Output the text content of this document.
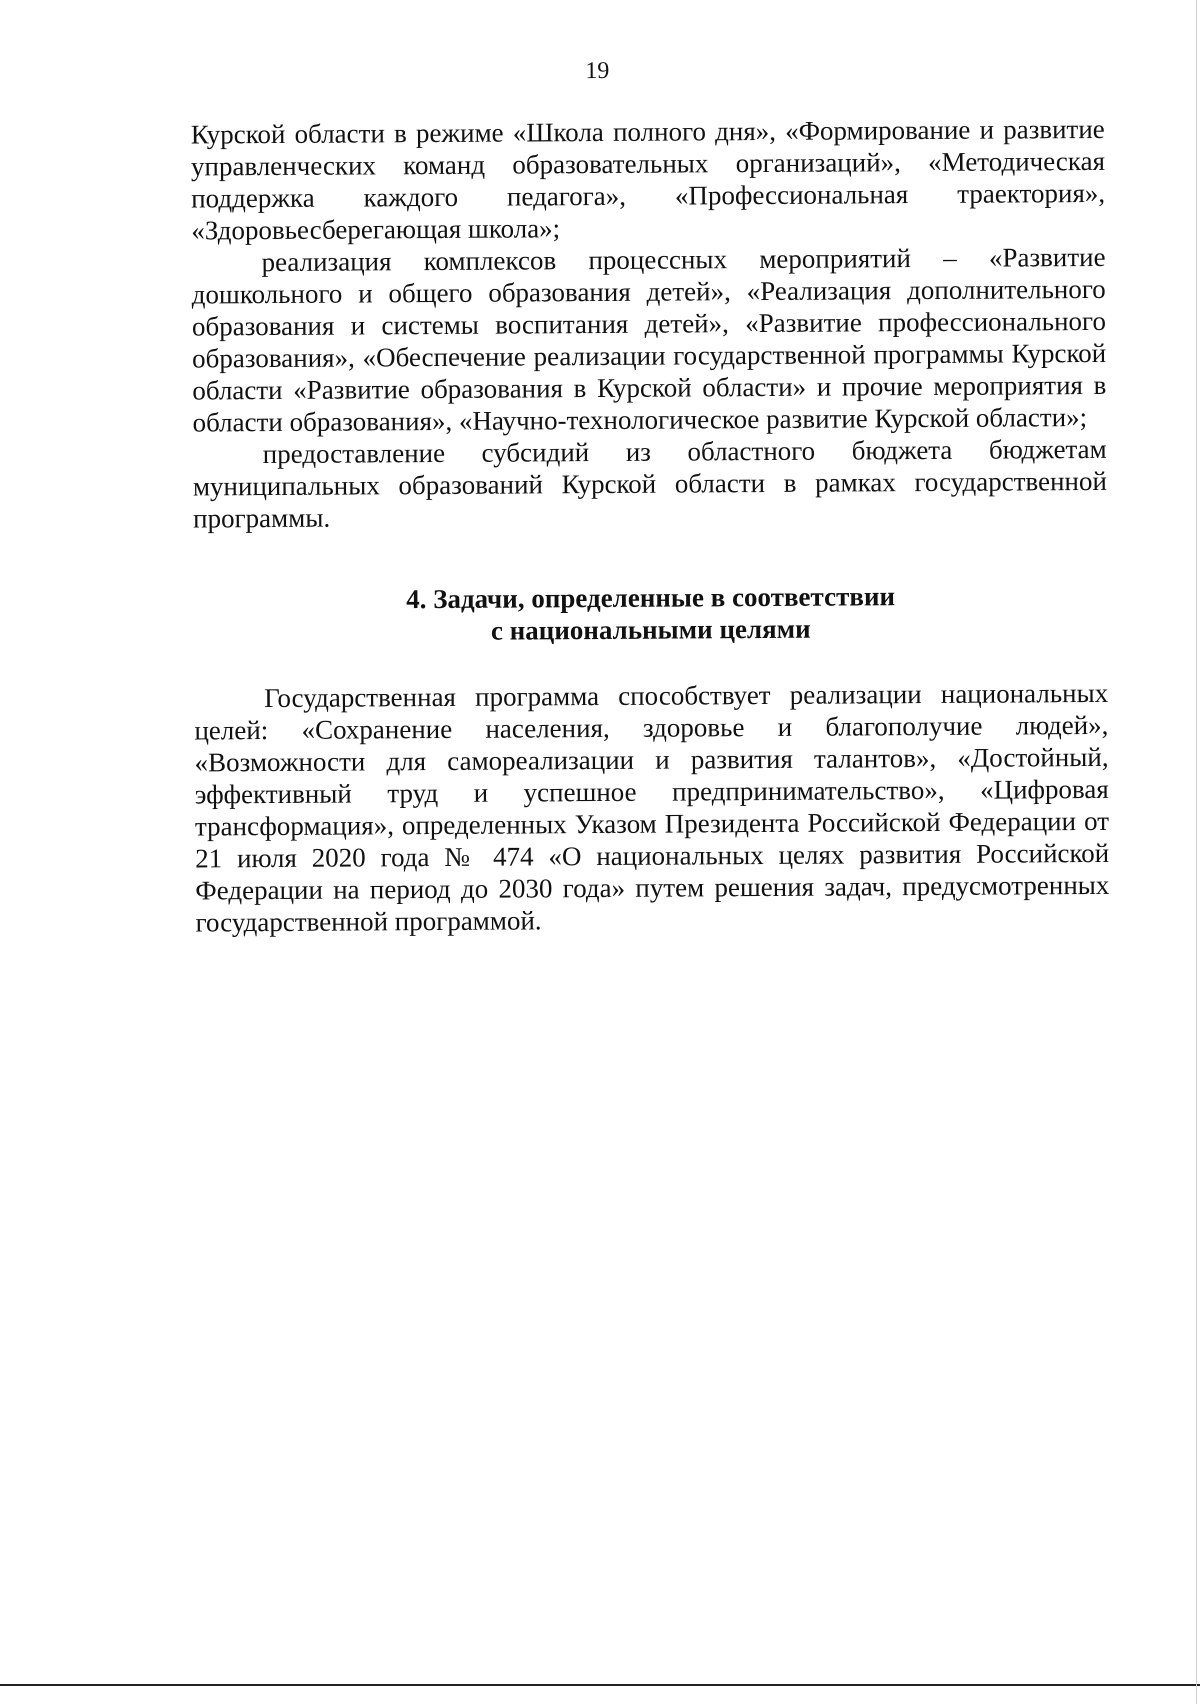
19

Курской области в режиме «Школа полного дня», «Формирование и развитие управленческих команд образовательных организаций», «Методическая поддержка каждого педагога», «Профессиональная траектория», «Здоровьесберегающая школа»;

реализация комплексов процессных мероприятий – «Развитие дошкольного и общего образования детей», «Реализация дополнительного образования и системы воспитания детей», «Развитие профессионального образования», «Обеспечение реализации государственной программы Курской области «Развитие образования в Курской области» и прочие мероприятия в области образования», «Научно-технологическое развитие Курской области»;

предоставление субсидий из областного бюджета бюджетам муниципальных образований Курской области в рамках государственной программы.

4. Задачи, определенные в соответствии
с национальными целями

Государственная программа способствует реализации национальных целей: «Сохранение населения, здоровье и благополучие людей», «Возможности для самореализации и развития талантов», «Достойный, эффективный труд и успешное предпринимательство», «Цифровая трансформация», определенных Указом Президента Российской Федерации от 21 июля 2020 года № 474 «О национальных целях развития Российской Федерации на период до 2030 года» путем решения задач, предусмотренных государственной программой.
